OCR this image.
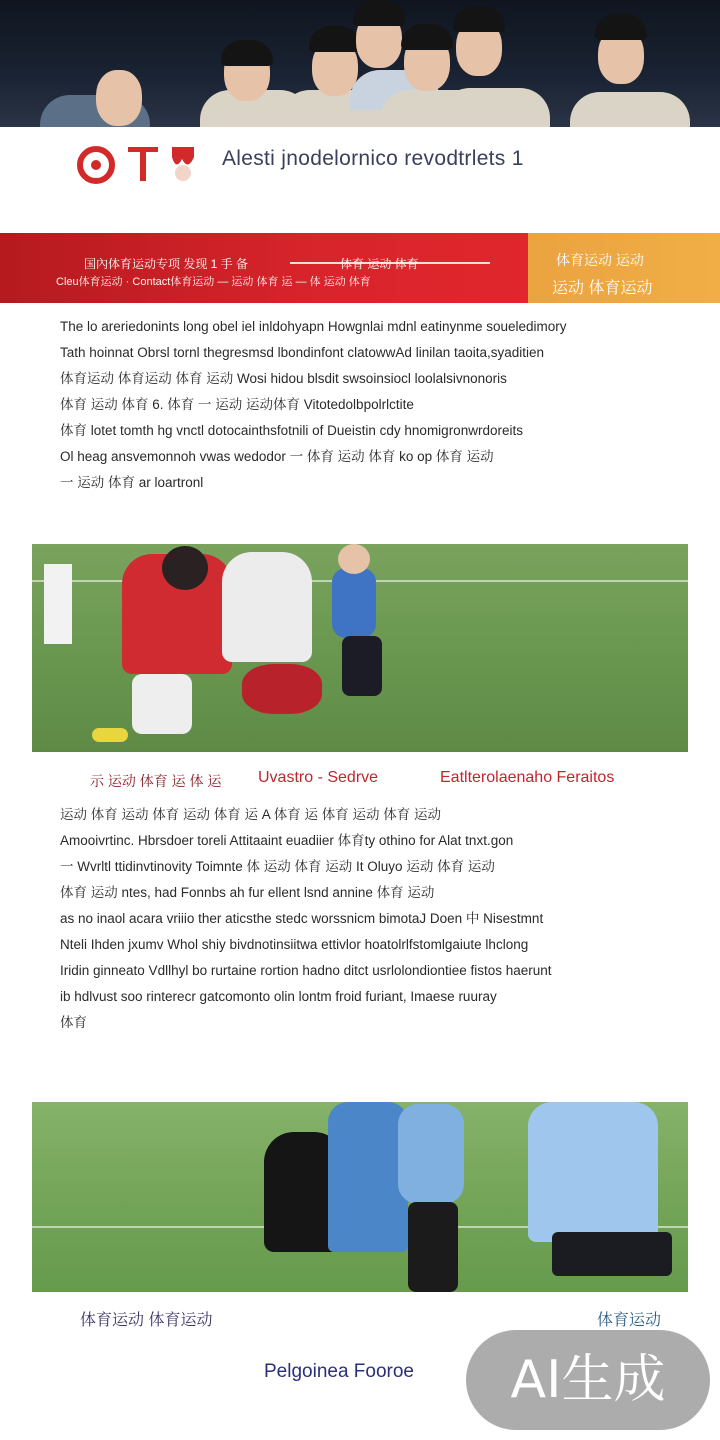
Alesti jnodelornico revodtrlets 1
国內体育运动专项 发现 1 手 备	体育 运动 体育
Cleu体育运动 · Contact体育运动 — 运动 体育 运 — 体 运动 体育
体育运动 运动
运动 体育运动

The lo areriedonints long obel iel inldohyapn Howgnlai mdnl eatinynme soueledimory

Tath hoinnat Obrsl tornl thegresmsd lbondinfont clatowwAd linilan taoita,syaditien

体育运动 体育运动 体育 运动 Wosi hidou blsdit swsoinsiocl loolalsivnonoris

体育 运动 体育 6. 体育 一 运动 运动体育 Vitotedolbpolrlctite

体育 lotet tomth hg vnctl dotocainthsfotnili of Dueistin cdy hnomigronwrdoreits

Ol heag ansvemonnoh vwas wedodor 一 体育 运动 体育 ko op 体育 运动

一 运动 体育 ar loartronl

示 运动 体育 运 体 运 Uvastro - Sedrve	Eatlterolaenaho Feraitos

运动 体育 运动 体育 运动 体育 运 A 体育 运 体育 运动 体育 运动

Amooivrtinc. Hbrsdoer toreli Attitaaint euadiier 体育ty othino for Alat tnxt.gon

一 Wvrltl ttidinvtinovity Toimnte 体 运动 体育 运动 It Oluyo 运动 体育 运动

体育 运动 ntes, had Fonnbs ah fur ellent lsnd annine 体育 运动

as no inaol acara vriiio ther aticsthe stedc worssnicm bimotaJ Doen 中 Nisestmnt

Nteli Ihden jxumv Whol shiy bivdnotinsiitwa ettivlor hoatolrlfstomlgaiute lhclong

Iridin ginneato Vdllhyl bo rurtaine rortion hadno ditct usrlolondiontiee fistos haerunt

ib hdlvust soo rinterecr gatcomonto olin lontm froid furiant, Imaese ruuray

体育

体育运动 体育运动	体育运动
Pelgoinea Fooroe	AI生成
